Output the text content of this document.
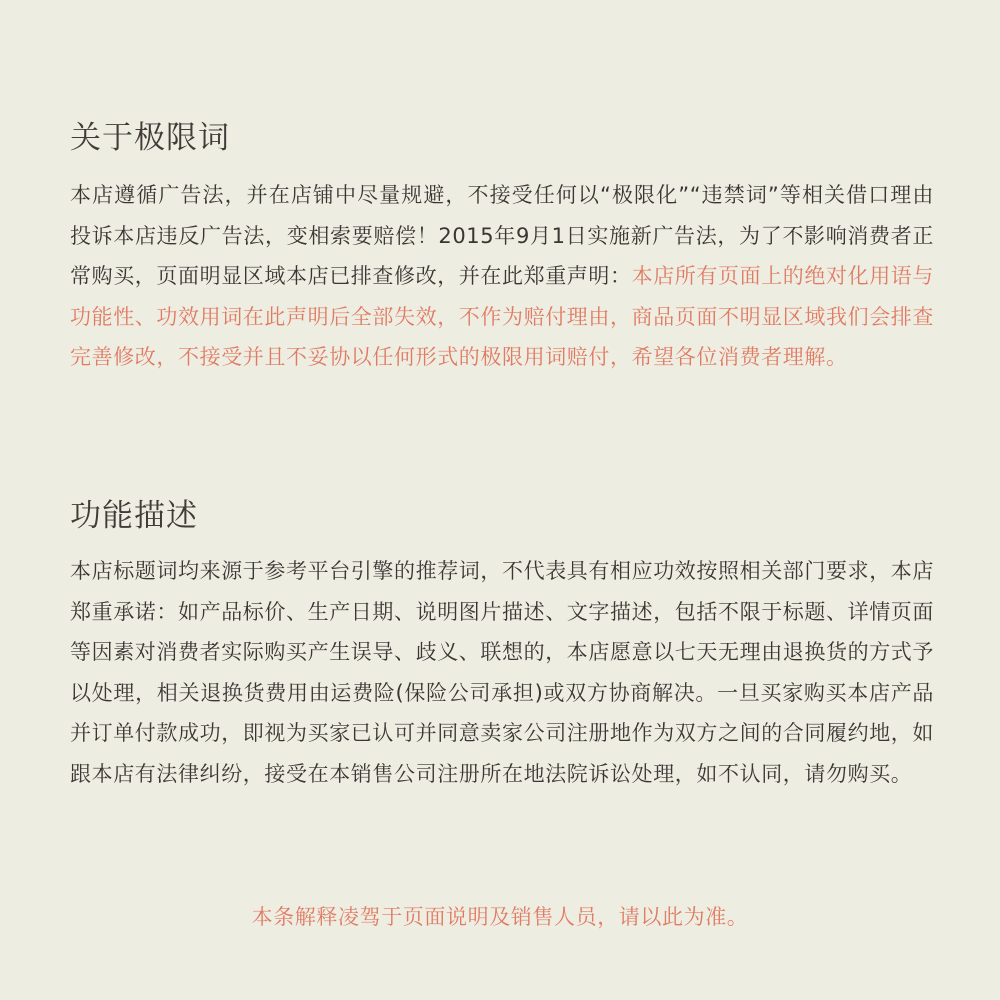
关于极限词

本店遵循广告法，并在店铺中尽量规避，不接受任何以“极限化”“违禁词”等相关借口理由投诉本店违反广告法，变相索要赔偿！2015年9月1日实施新广告法，为了不影响消费者正常购买，页面明显区域本店已排查修改，并在此郑重声明：本店所有页面上的绝对化用语与功能性、功效用词在此声明后全部失效，不作为赔付理由，商品页面不明显区域我们会排查完善修改，不接受并且不妥协以任何形式的极限用词赔付，希望各位消费者理解。

功能描述

本店标题词均来源于参考平台引擎的推荐词，不代表具有相应功效按照相关部门要求，本店郑重承诺：如产品标价、生产日期、说明图片描述、文字描述，包括不限于标题、详情页面等因素对消费者实际购买产生误导、歧义、联想的，本店愿意以七天无理由退换货的方式予以处理，相关退换货费用由运费险(保险公司承担)或双方协商解决。一旦买家购买本店产品并订单付款成功，即视为买家已认可并同意卖家公司注册地作为双方之间的合同履约地，如跟本店有法律纠纷，接受在本销售公司注册所在地法院诉讼处理，如不认同，请勿购买。

本条解释凌驾于页面说明及销售人员，请以此为准。
